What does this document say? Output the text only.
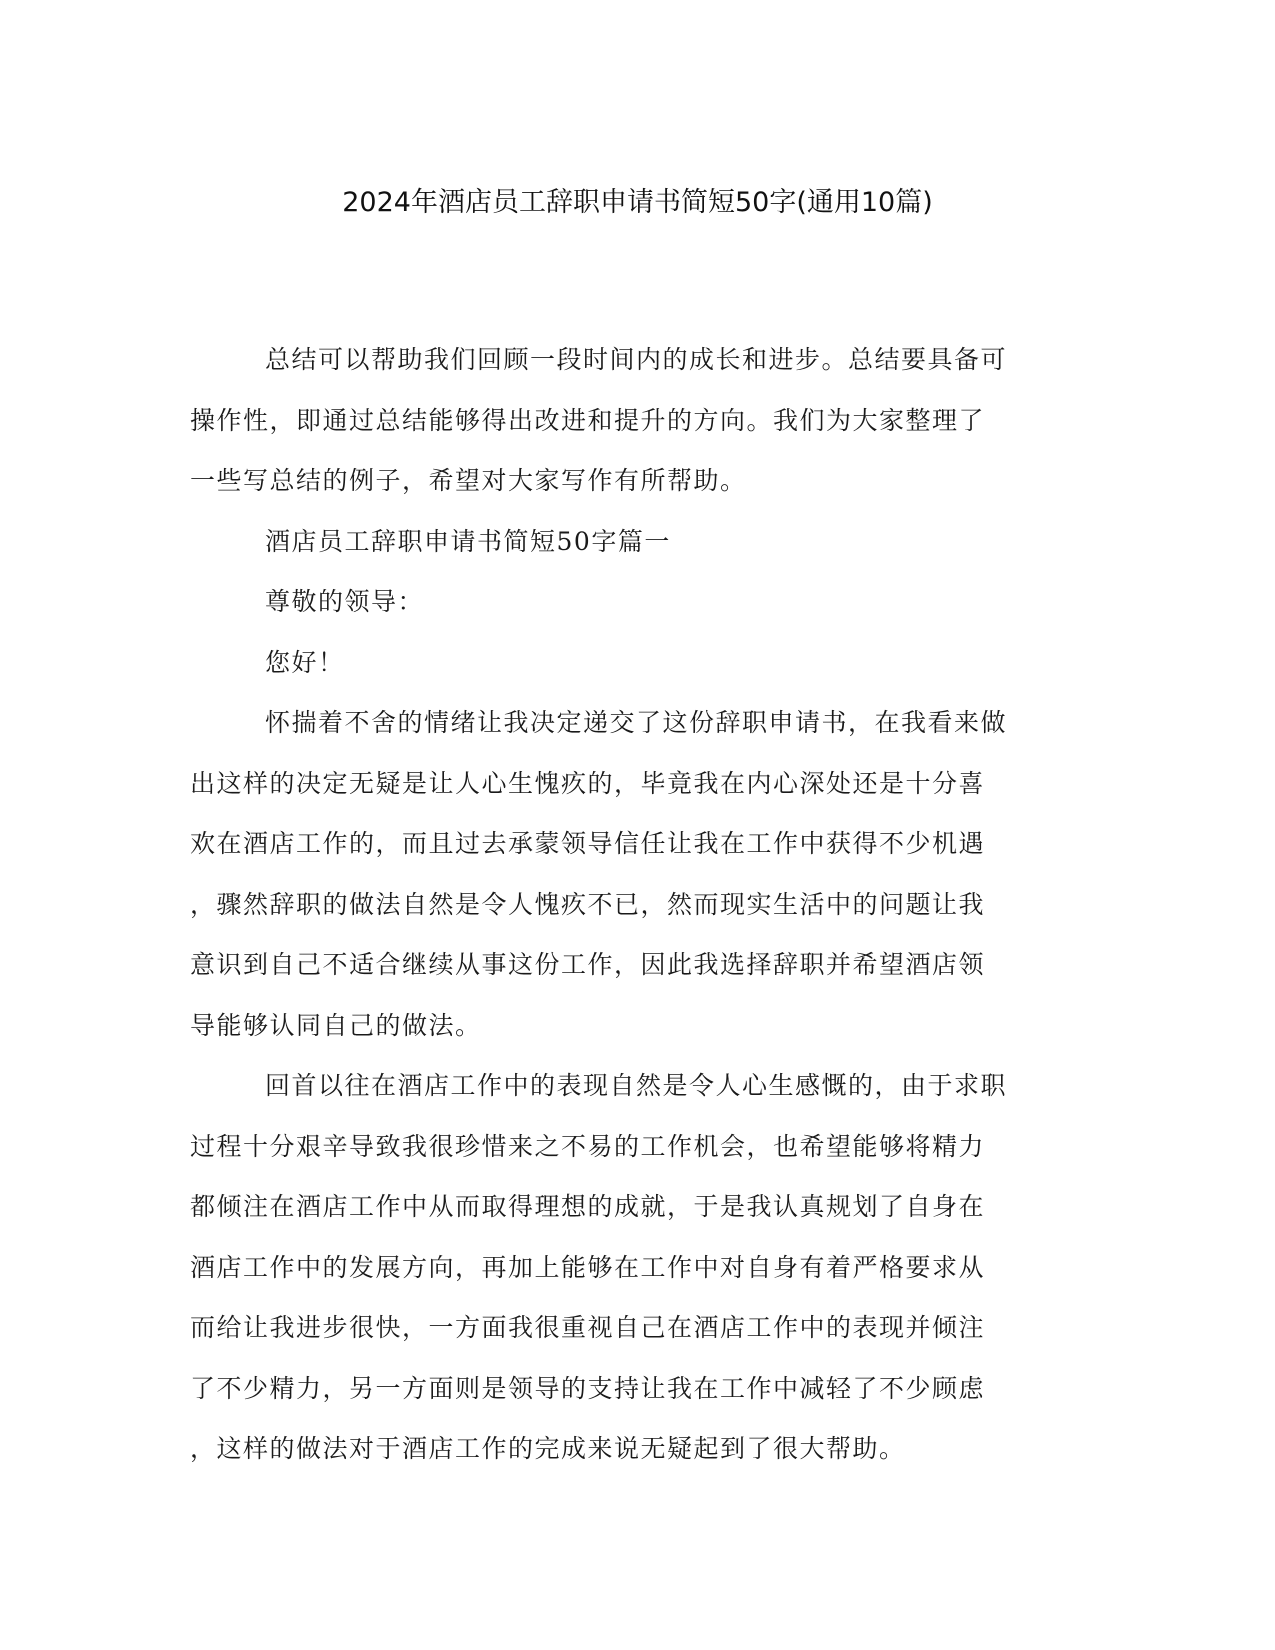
2024年酒店员工辞职申请书简短50字(通用10篇)

总结可以帮助我们回顾一段时间内的成长和进步。总结要具备可
操作性，即通过总结能够得出改进和提升的方向。我们为大家整理了
一些写总结的例子，希望对大家写作有所帮助。

酒店员工辞职申请书简短50字篇一

尊敬的领导：

您好！

怀揣着不舍的情绪让我决定递交了这份辞职申请书，在我看来做
出这样的决定无疑是让人心生愧疚的，毕竟我在内心深处还是十分喜
欢在酒店工作的，而且过去承蒙领导信任让我在工作中获得不少机遇
，骤然辞职的做法自然是令人愧疚不已，然而现实生活中的问题让我
意识到自己不适合继续从事这份工作，因此我选择辞职并希望酒店领
导能够认同自己的做法。

回首以往在酒店工作中的表现自然是令人心生感慨的，由于求职
过程十分艰辛导致我很珍惜来之不易的工作机会，也希望能够将精力
都倾注在酒店工作中从而取得理想的成就，于是我认真规划了自身在
酒店工作中的发展方向，再加上能够在工作中对自身有着严格要求从
而给让我进步很快，一方面我很重视自己在酒店工作中的表现并倾注
了不少精力，另一方面则是领导的支持让我在工作中减轻了不少顾虑
，这样的做法对于酒店工作的完成来说无疑起到了很大帮助。
